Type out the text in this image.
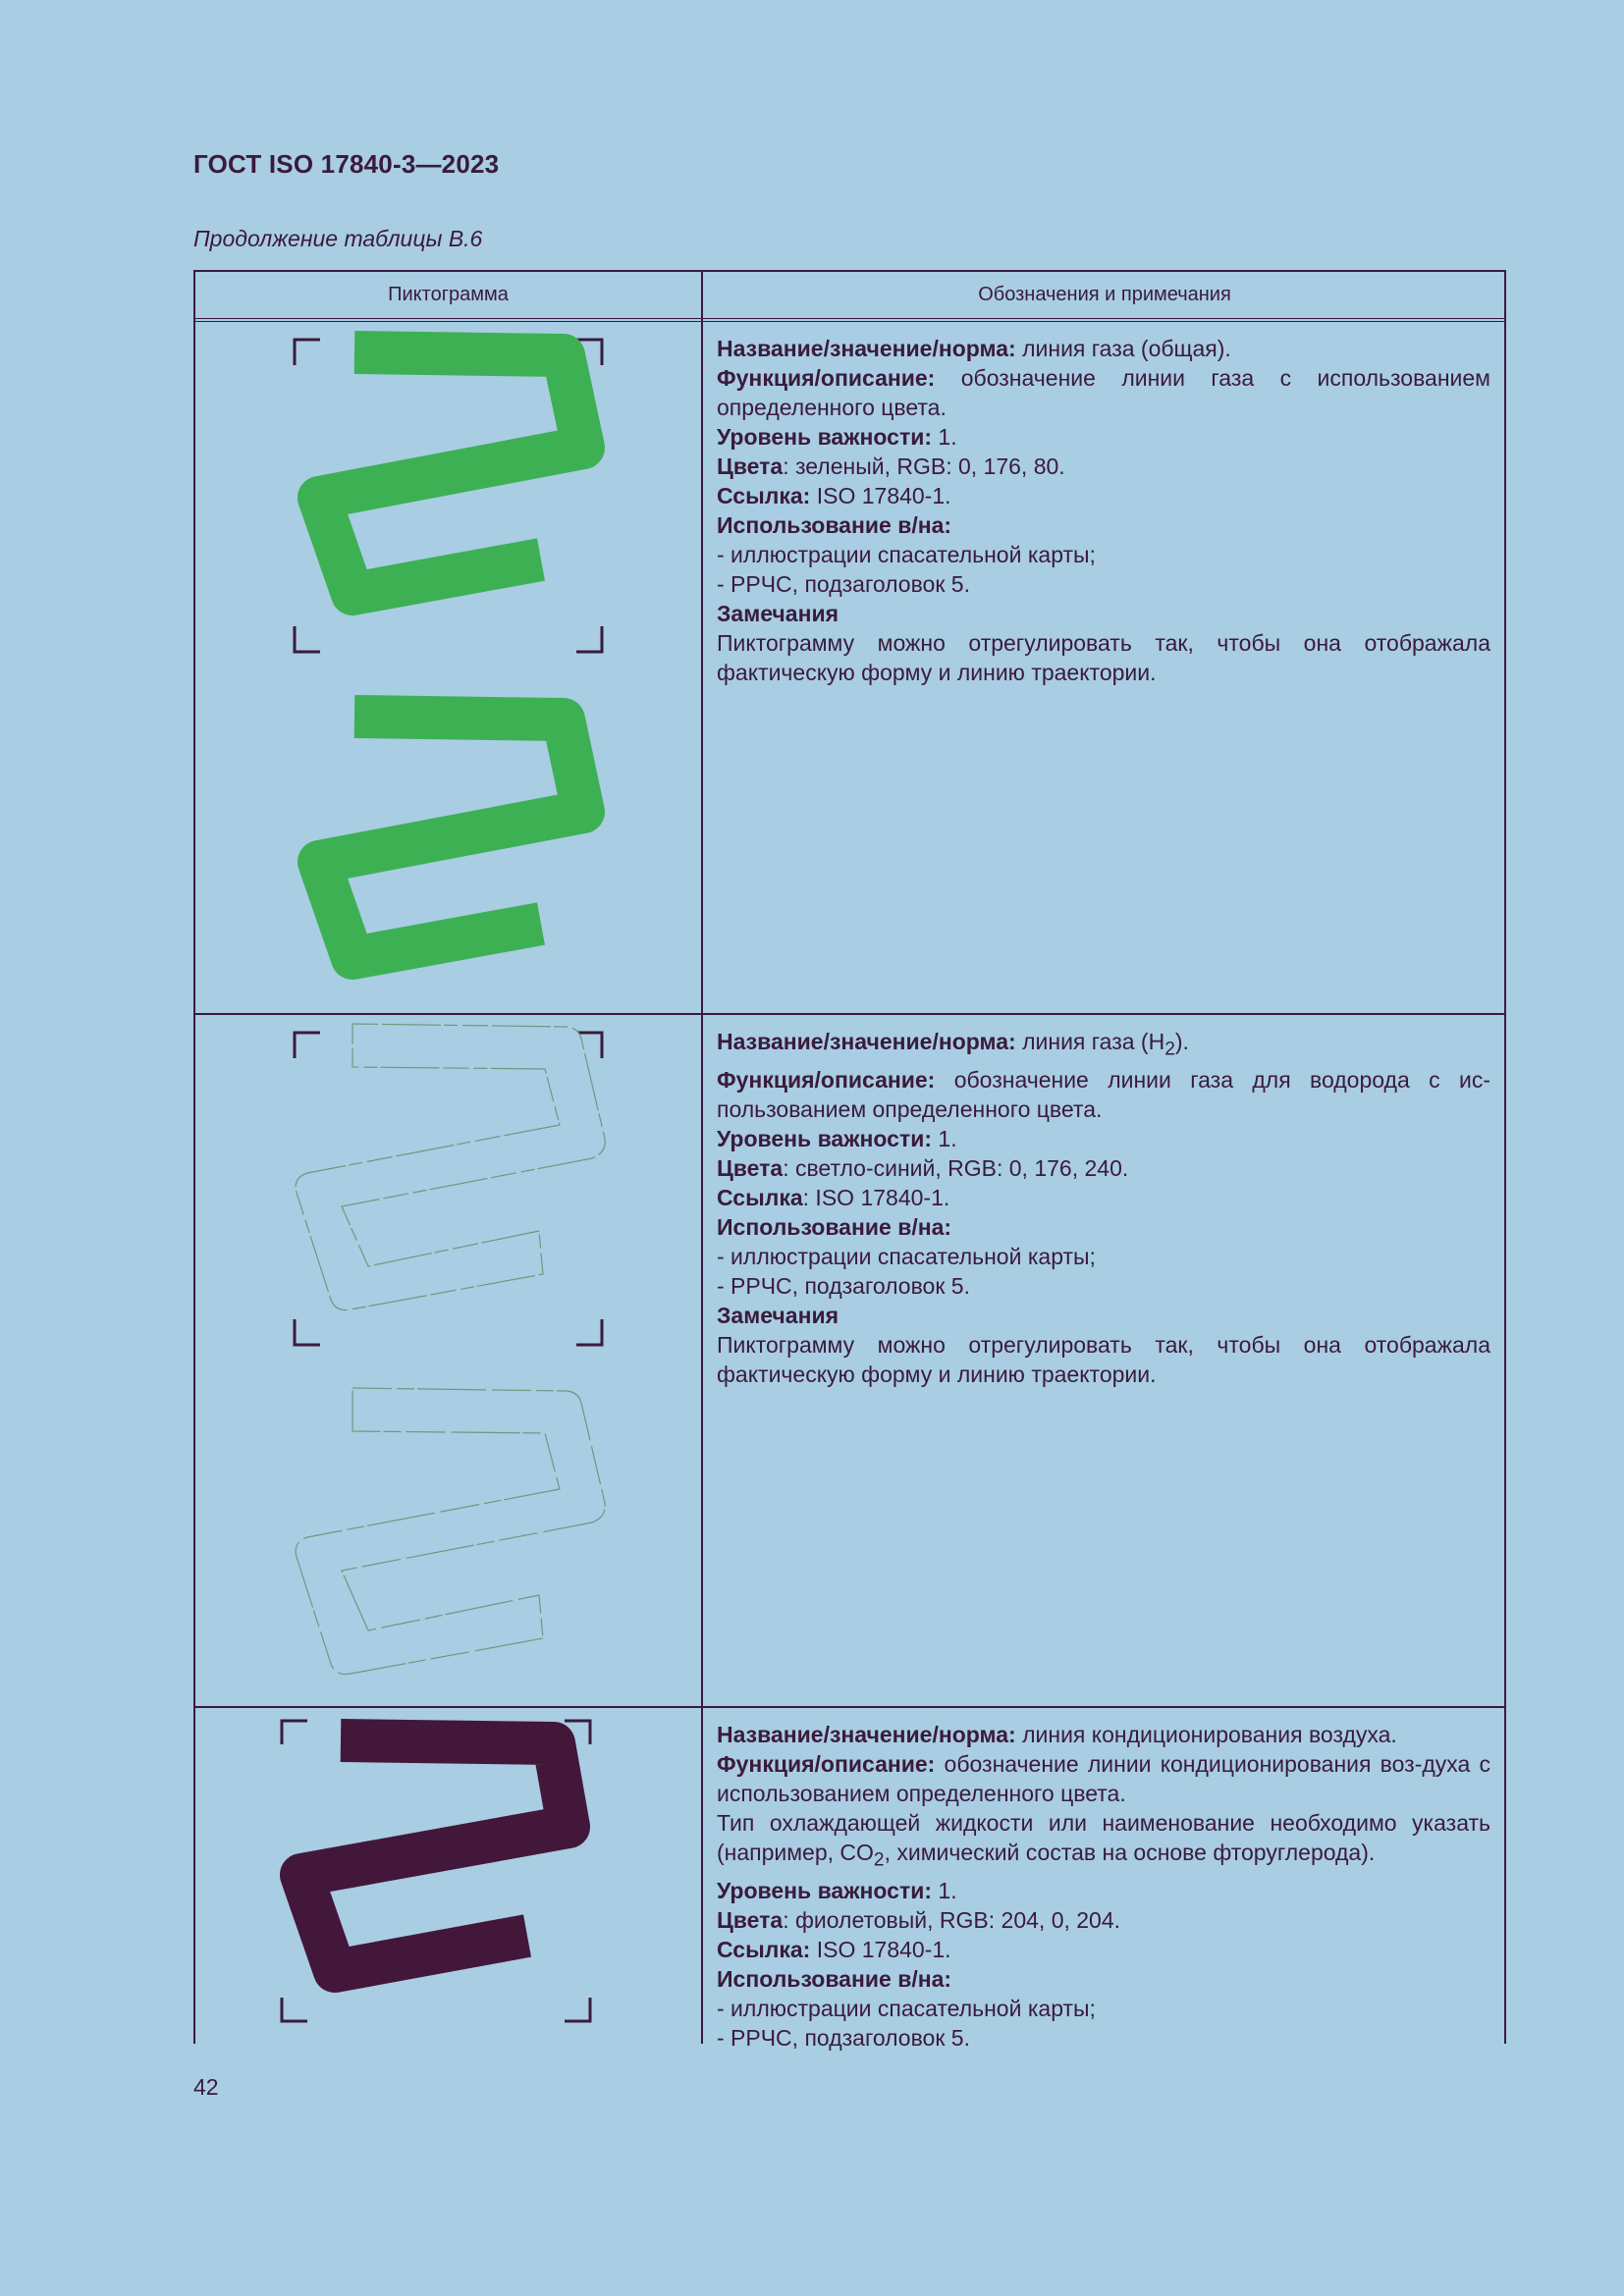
ГОСТ ISO 17840-3—2023
Продолжение таблицы В.6
Пиктограмма	Обозначения и примечания

Название/значение/норма: линия газа (общая).

Функция/описание: обозначение линии газа с использованием определенного цвета.

Уровень важности: 1.

Цвета: зеленый, RGB: 0, 176, 80.

Ссылка: ISO 17840-1.

Использование в/на:

- иллюстрации спасательной карты;

- РРЧС, подзаголовок 5.

Замечания

Пиктограмму можно отрегулировать так, чтобы она отображала фактическую форму и линию траектории.

Название/значение/норма: линия газа $(H_2)$.

Функция/описание: обозначение линии газа для водорода с ис-пользованием определенного цвета.

Уровень важности: 1.

Цвета: светло-синий, RGB: 0, 176, 240.

Ссылка: ISO 17840-1.

Использование в/на:

- иллюстрации спасательной карты;

- РРЧС, подзаголовок 5.

Замечания

Пиктограмму можно отрегулировать так, чтобы она отображала фактическую форму и линию траектории.

Название/значение/норма: линия кондиционирования воздуха.

Функция/описание: обозначение линии кондиционирования воз-духа с использованием определенного цвета.

Тип охлаждающей жидкости или наименование необходимо указать (например, $CO_2$, химический состав на основе фторуглерода).

Уровень важности: 1.

Цвета: фиолетовый, RGB: 204, 0, 204.

Ссылка: ISO 17840-1.

Использование в/на:

- иллюстрации спасательной карты;

- РРЧС, подзаголовок 5.

42
